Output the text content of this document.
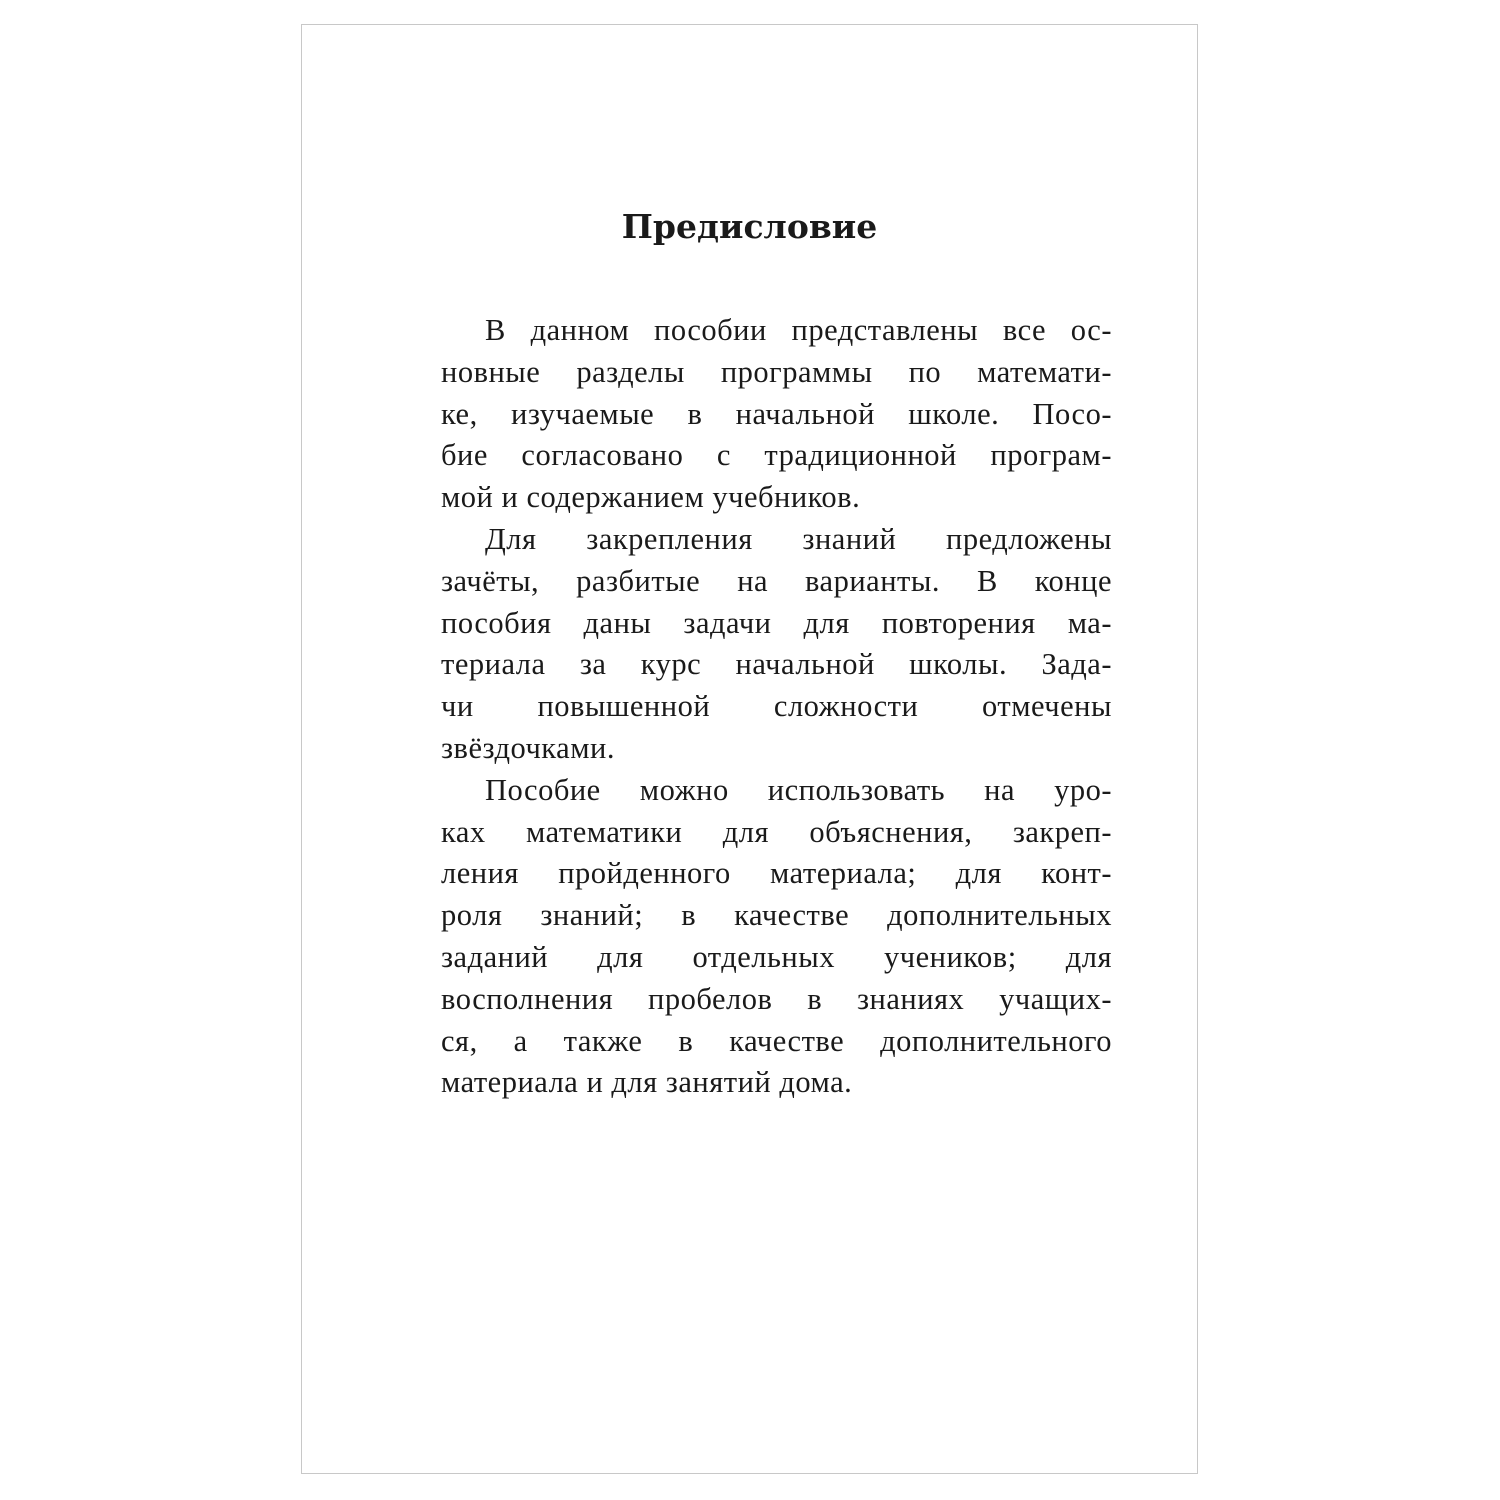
Предисловие
В данном пособии представлены все ос-
новные разделы программы по математи-
ке, изучаемые в начальной школе. Посо-
бие согласовано с традиционной програм-
мой и содержанием учебников.
Для закрепления знаний предложены
зачёты, разбитые на варианты. В конце
пособия даны задачи для повторения ма-
териала за курс начальной школы. Зада-
чи повышенной сложности отмечены
звёздочками.
Пособие можно использовать на уро-
ках математики для объяснения, закреп-
ления пройденного материала; для конт-
роля знаний; в качестве дополнительных
заданий для отдельных учеников; для
восполнения пробелов в знаниях учащих-
ся, а также в качестве дополнительного
материала и для занятий дома.
